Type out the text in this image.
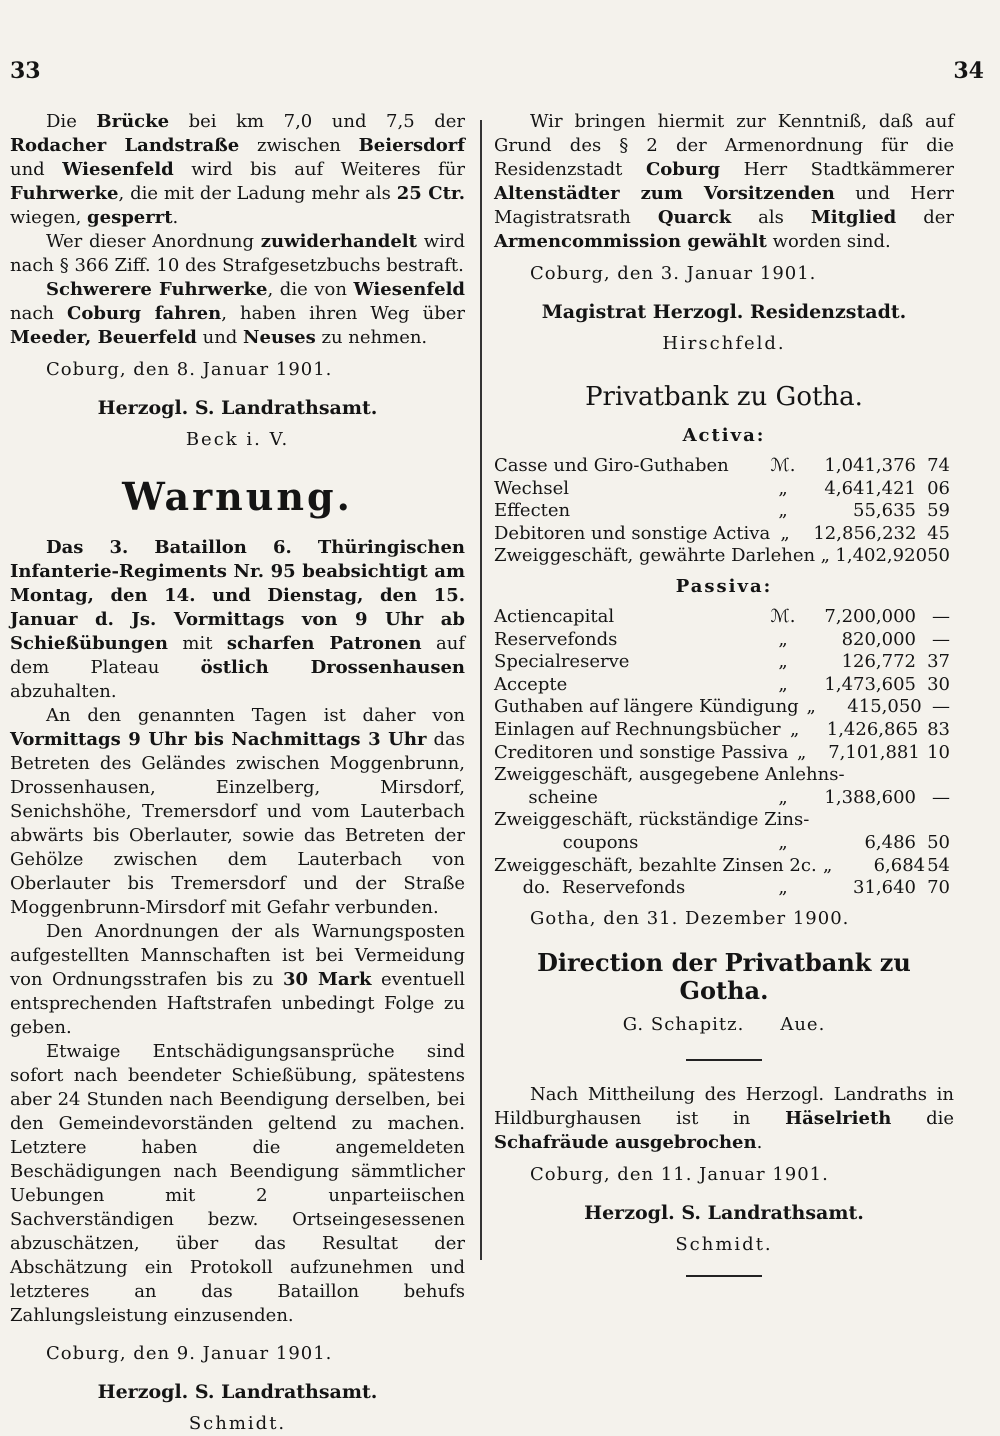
33	34

Die Brücke bei km 7,0 und 7,5 der Rodacher Landstraße zwischen Beiersdorf und Wiesenfeld wird bis auf Weiteres für Fuhrwerke, die mit der Ladung mehr als 25 Ctr. wiegen, gesperrt.

Wer dieser Anordnung zuwiderhandelt wird nach § 366 Ziff. 10 des Strafgesetzbuchs bestraft.

Schwerere Fuhrwerke, die von Wiesenfeld nach Coburg fahren, haben ihren Weg über Meeder, Beuerfeld und Neuses zu nehmen.

Coburg, den 8. Januar 1901.

Herzogl. S. Landrathsamt.

Beck i. V.

Warnung.

Das 3. Bataillon 6. Thüringischen Infanterie-Regiments Nr. 95 beabsichtigt am Montag, den 14. und Dienstag, den 15. Januar d. Js. Vormittags von 9 Uhr ab Schießübungen mit scharfen Patronen auf dem Plateau östlich Drossenhausen abzuhalten.

An den genannten Tagen ist daher von Vormittags 9 Uhr bis Nachmittags 3 Uhr das Betreten des Geländes zwischen Moggenbrunn, Drossenhausen, Einzelberg, Mirsdorf, Senichshöhe, Tremersdorf und vom Lauterbach abwärts bis Oberlauter, sowie das Betreten der Gehölze zwischen dem Lauterbach von Oberlauter bis Tremersdorf und der Straße Moggenbrunn-Mirsdorf mit Gefahr verbunden.

Den Anordnungen der als Warnungsposten aufgestellten Mannschaften ist bei Vermeidung von Ordnungsstrafen bis zu 30 Mark eventuell entsprechenden Haftstrafen unbedingt Folge zu geben.

Etwaige Entschädigungsansprüche sind sofort nach beendeter Schießübung, spätestens aber 24 Stunden nach Beendigung derselben, bei den Gemeindevorständen geltend zu machen. Letztere haben die angemeldeten Beschädigungen nach Beendigung sämmtlicher Uebungen mit 2 unparteiischen Sachverständigen bezw. Ortseingesessenen abzuschätzen, über das Resultat der Abschätzung ein Protokoll aufzunehmen und letzteres an das Bataillon behufs Zahlungsleistung einzusenden.

Coburg, den 9. Januar 1901.

Herzogl. S. Landrathsamt.

Schmidt.

Wir bringen hiermit zur Kenntniß, daß auf Grund des § 2 der Armenordnung für die Residenzstadt Coburg Herr Stadtkämmerer Altenstädter zum Vorsitzenden und Herr Magistratsrath Quarck als Mitglied der Armencommission gewählt worden sind.

Coburg, den 3. Januar 1901.

Magistrat Herzogl. Residenzstadt.

Hirschfeld.

Privatbank zu Gotha.
Activa:
Casse und Giro-Guthaben	ℳ.	1,041,376 74
Wechsel	„	4,641,421 06
Effecten	„	55,635 59
Debitoren und sonstige Activa „	12,856,232 45
Zweiggeschäft, gewährte Darlehen „ 1,402,920 50
Passiva:
Actiencapital	ℳ.	7,200,000 —
Reservefonds	„	820,000 —
Specialreserve	„	126,772 37
Accepte	„	1,473,605 30
Guthaben auf längere Kündigung „	415,050 —
Einlagen auf Rechnungsbücher „	1,426,865 83
Creditoren und sonstige Passiva „	7,101,881 10
Zweiggeschäft, ausgegebene Anlehns-
scheine	„	1,388,600 —
Zweiggeschäft, rückständige Zins-
coupons	„	6,486 50
Zweiggeschäft, bezahlte Zinsen 2c. „	6,684 54
do.  Reservefonds	„	31,640 70

Gotha, den 31. Dezember 1900.

Direction der Privatbank zu Gotha.
G. Schapitz. Aue.

Nach Mittheilung des Herzogl. Landraths in Hildburghausen ist in Häselrieth die Schafräude ausgebrochen.

Coburg, den 11. Januar 1901.

Herzogl. S. Landrathsamt.

Schmidt.
